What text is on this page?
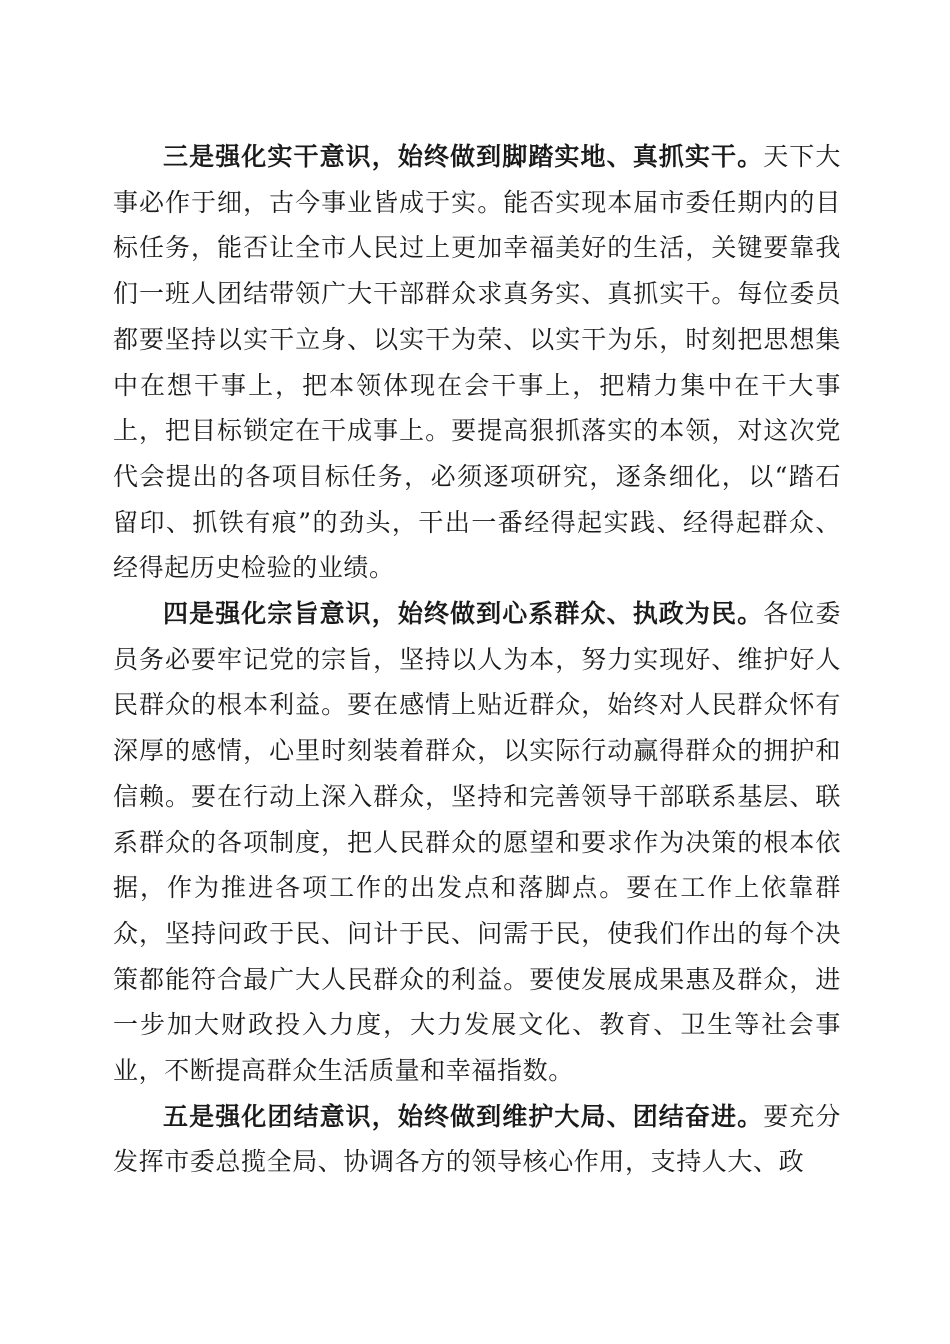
三是强化实干意识，始终做到脚踏实地、真抓实干。天下大事必作于细，古今事业皆成于实。能否实现本届市委任期内的目标任务，能否让全市人民过上更加幸福美好的生活，关键要靠我们一班人团结带领广大干部群众求真务实、真抓实干。每位委员都要坚持以实干立身、以实干为荣、以实干为乐，时刻把思想集中在想干事上，把本领体现在会干事上，把精力集中在干大事上，把目标锁定在干成事上。要提高狠抓落实的本领，对这次党代会提出的各项目标任务，必须逐项研究，逐条细化，以“踏石留印、抓铁有痕”的劲头，干出一番经得起实践、经得起群众、经得起历史检验的业绩。

四是强化宗旨意识，始终做到心系群众、执政为民。各位委员务必要牢记党的宗旨，坚持以人为本，努力实现好、维护好人民群众的根本利益。要在感情上贴近群众，始终对人民群众怀有深厚的感情，心里时刻装着群众，以实际行动赢得群众的拥护和信赖。要在行动上深入群众，坚持和完善领导干部联系基层、联系群众的各项制度，把人民群众的愿望和要求作为决策的根本依据，作为推进各项工作的出发点和落脚点。要在工作上依靠群众，坚持问政于民、问计于民、问需于民，使我们作出的每个决策都能符合最广大人民群众的利益。要使发展成果惠及群众，进一步加大财政投入力度，大力发展文化、教育、卫生等社会事业，不断提高群众生活质量和幸福指数。

五是强化团结意识，始终做到维护大局、团结奋进。要充分发挥市委总揽全局、协调各方的领导核心作用，支持人大、政
